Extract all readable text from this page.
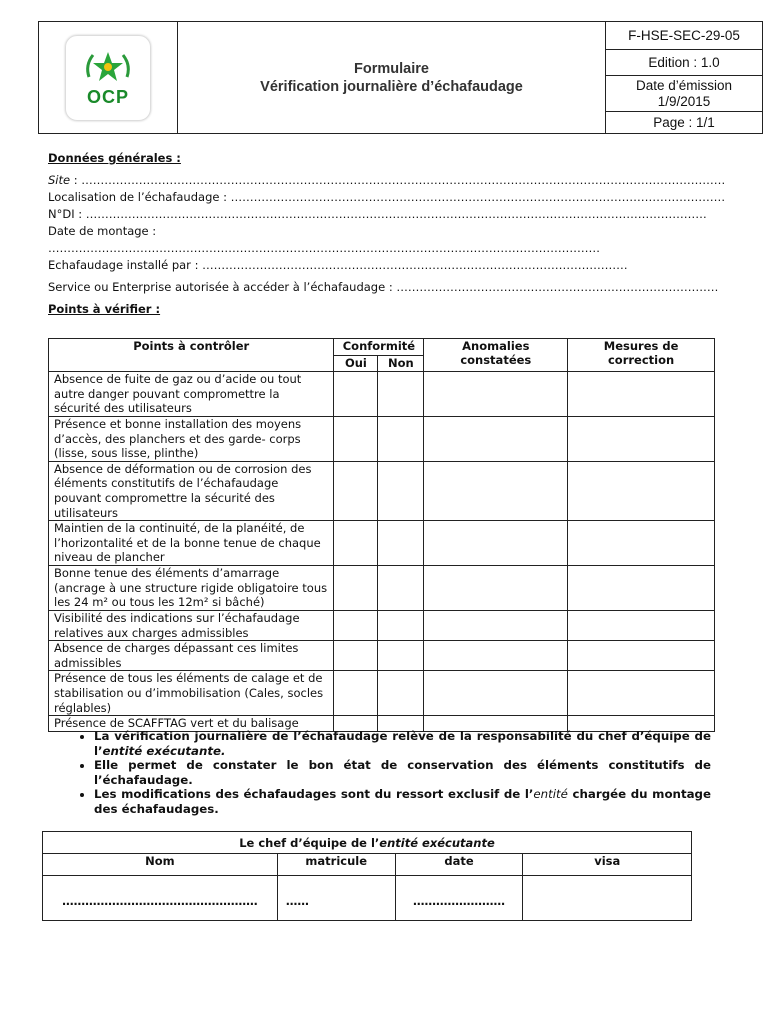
OCP

Formulaire
Vérification journalière d’échafaudage
	F-HSE-SEC-29-05
Edition : 1.0

Date d’émission
1/9/2015

Page : 1/1
Données générales :
Site : ……………………………………………………………………………………………………………………………………………………
Localisation de l’échafaudage : …………………………………………………………………………………………………………………
N°DI : ………………………………………………………………………………………………………………………………………………
Date de montage :
………………………………………………………………………………………………………………………………
Echafaudage installé par : …………………………………………………………………………………………………
Service ou Enterprise autorisée à accéder à l’échafaudage : …………………………………………………………………………
Points à vérifier :
Points à contrôler	Conformité		Anomalies constatées	Mesures de correction
	Oui	Non		
Absence de fuite de gaz ou d’acide ou tout autre danger pouvant compromettre la sécurité des utilisateurs				
Présence et bonne installation des moyens d’accès, des planchers et des garde- corps (lisse, sous lisse, plinthe)				
Absence de déformation ou de corrosion des éléments constitutifs de l’échafaudage pouvant compromettre la sécurité des utilisateurs				
Maintien de la continuité, de la planéité, de l’horizontalité et de la bonne tenue de chaque niveau de plancher				
Bonne tenue des éléments d’amarrage (ancrage à une structure rigide obligatoire tous les 24 m² ou tous les 12m² si bâché)				
Visibilité des indications sur l’échafaudage relatives aux charges admissibles				
Absence de charges dépassant ces limites admissibles				
Présence de tous les éléments de calage et de stabilisation ou d’immobilisation (Cales, socles réglables)				
Présence de SCAFFTAG vert et du balisage				
• La vérification journalière de l’échafaudage relève de la responsabilité du chef d’équipe de l’entité exécutante.
• Elle permet de constater le bon état de conservation des éléments constitutifs de l’échafaudage.
• Les modifications des échafaudages sont du ressort exclusif de l’entité chargée du montage des échafaudages.
Le chef d’équipe de l’entité exécutante			
Nom	matricule	date	visa
……………………………………………	……	……………………	
